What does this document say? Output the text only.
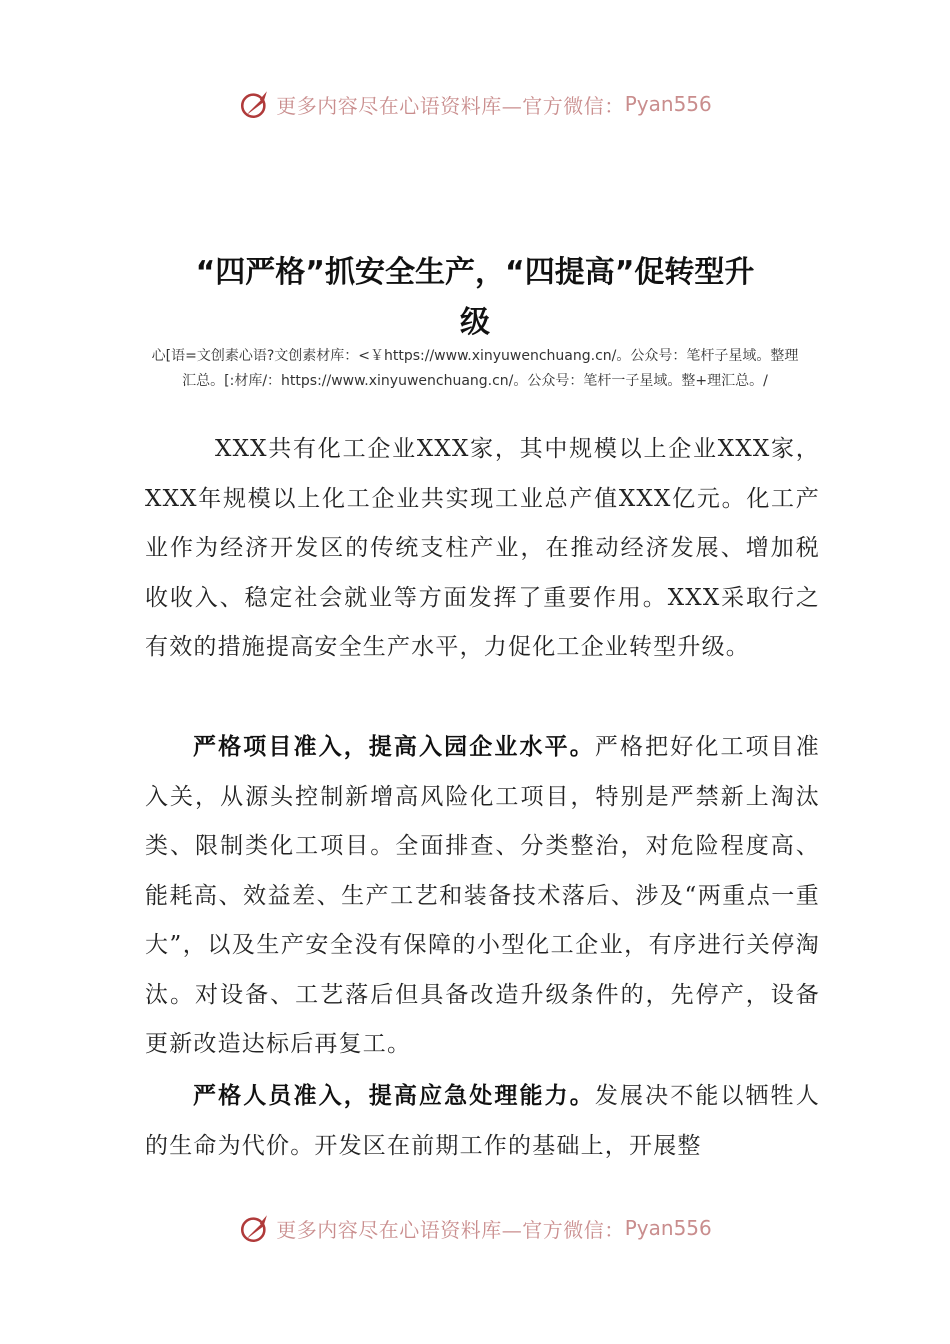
更多内容尽在心语资料库—官方微信： Pyan556
“四严格”抓安全生产，“四提高”促转型升
级

心[语=文创素心语?文创素材库：<￥https://www.xinyuwenchuang.cn/。公众号：笔杆子星域。整理汇总。[:材库/：https://www.xinyuwenchuang.cn/。公众号：笔杆一子星域。整+理汇总。/

XXX共有化工企业XXX家，其中规模以上企业XXX家，XXX年规模以上化工企业共实现工业总产值XXX亿元。化工产业作为经济开发区的传统支柱产业，在推动经济发展、增加税收收入、稳定社会就业等方面发挥了重要作用。XXX采取行之有效的措施提高安全生产水平，力促化工企业转型升级。

严格项目准入，提高入园企业水平。严格把好化工项目准入关，从源头控制新增高风险化工项目，特别是严禁新上淘汰类、限制类化工项目。全面排查、分类整治，对危险程度高、能耗高、效益差、生产工艺和装备技术落后、涉及“两重点一重大”，以及生产安全没有保障的小型化工企业，有序进行关停淘汰。对设备、工艺落后但具备改造升级条件的，先停产，设备更新改造达标后再复工。

严格人员准入，提高应急处理能力。发展决不能以牺牲人的生命为代价。开发区在前期工作的基础上，开展整

更多内容尽在心语资料库—官方微信： Pyan556
